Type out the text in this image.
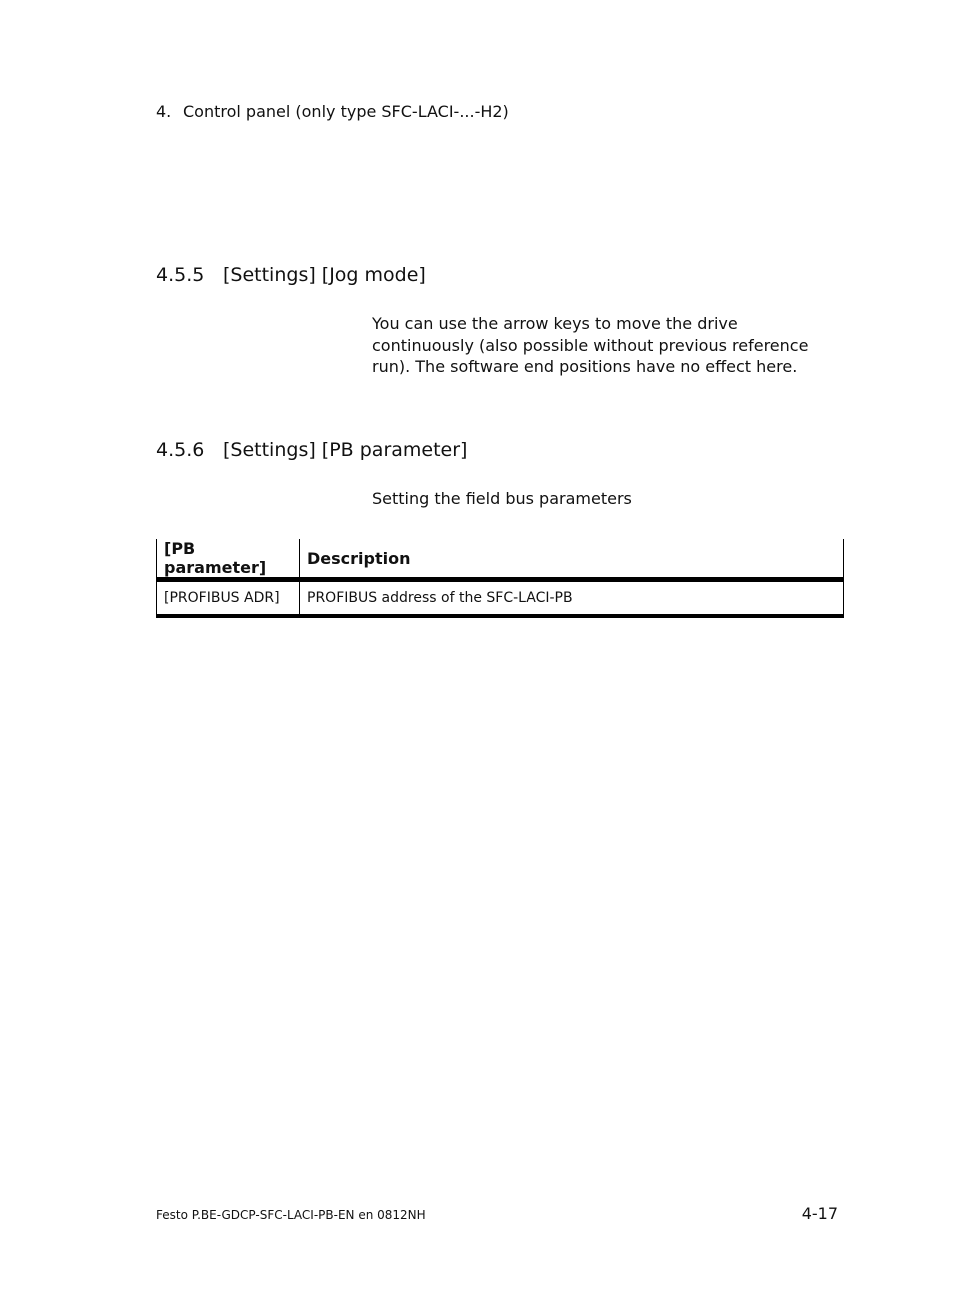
4. Control panel (only type SFC-LACI-...-H2)
4.5.5 [Settings] [Jog mode]
You can use the arrow keys to move the drive continuously (also possible without previous reference run). The software end positions have no effect here.
4.5.6 [Settings] [PB parameter]
Setting the field bus parameters
[PB parameter]	Description
[PROFIBUS ADR]	PROFIBUS address of the SFC-LACI-PB
Festo P.BE-GDCP-SFC-LACI-PB-EN en 0812NH	4-17
